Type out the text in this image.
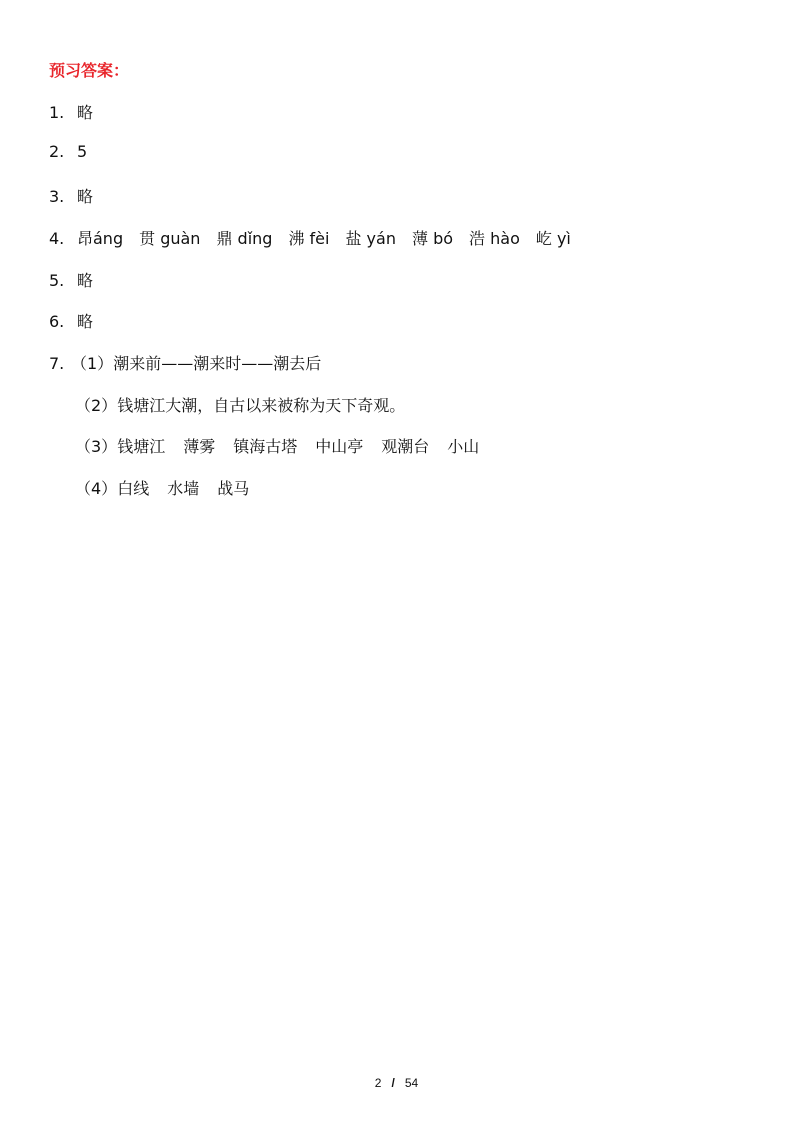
预习答案：
1. 略
2. 5
3. 略
4. 昂áng 贯 guàn 鼎 dǐng 沸 fèi 盐 yán 薄 bó 浩 hào 屹 yì
5. 略
6. 略
7. （1）潮来前——潮来时——潮去后
（2）钱塘江大潮，自古以来被称为天下奇观。
（3）钱塘江 薄雾 镇海古塔 中山亭 观潮台 小山
（4）白线 水墙 战马
2 / 54
